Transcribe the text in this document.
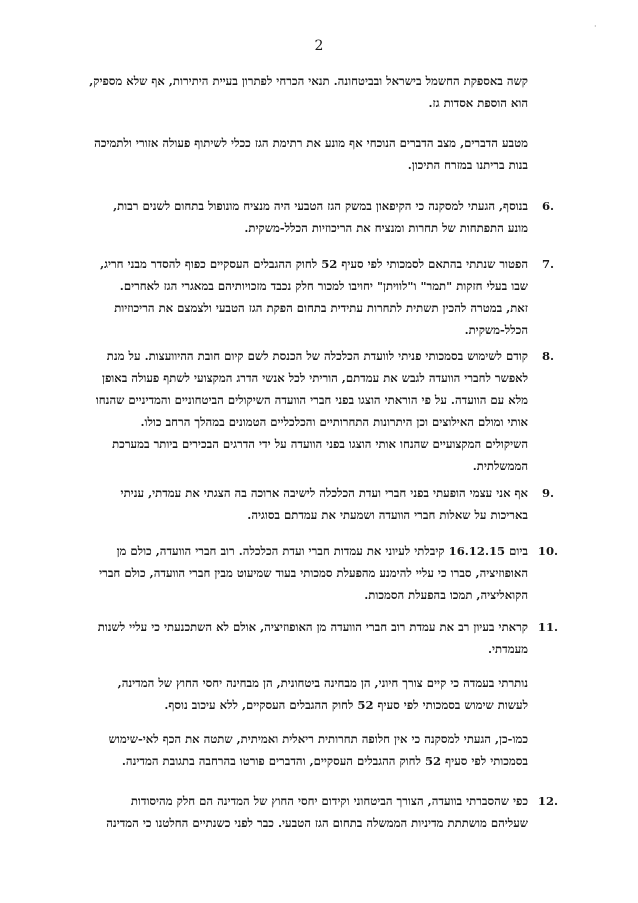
·
2
קשה באספקת החשמל בישראל ובביטחונה. תנאי הכרחי לפתרון בעיית היתירות, אף שלא מספיק,
הוא הוספת אסדות גז.
מטבע הדברים, מצב הדברים הנוכחי אף מונע את רתימת הגז ככלי לשיתוף פעולה אזורי ולתמיכה
בנות בריתנו במזרח התיכון.
6.
בנוסף, הגעתי למסקנה כי הקיפאון במשק הגז הטבעי היה מנציח מונופול בתחום לשנים רבות,
מונע התפתחות של תחרות ומנציח את הריכוזיות הכלל-משקית.
7.
הפטור שנתתי בהתאם לסמכותי לפי סעיף 52 לחוק ההגבלים העסקיים כפוף להסדר מבני חריג,
שבו בעלי חזקות "תמר" ו"לוויתן" יחויבו למכור חלק נכבד מזכויותיהם במאגרי הגז לאחרים.
זאת, במטרה להכין תשתית לתחרות עתידית בתחום הפקת הגז הטבעי ולצמצם את הריכוזיות
הכלל-משקית.
8.
קודם לשימוש בסמכותי פניתי לוועדת הכלכלה של הכנסת לשם קיום חובת ההיוועצות. על מנת
לאפשר לחברי הוועדה לגבש את עמדתם, הוריתי לכל אנשי הדרג המקצועי לשתף פעולה באופן
מלא עם הוועדה. על פי הוראתי הוצגו בפני חברי הוועדה השיקולים הביטחוניים והמדיניים שהנחו
אותי ומולם האילוצים וכן היתרונות התחרותיים והכלכליים הטמונים במהלך הרחב כולו.
השיקולים המקצועיים שהנחו אותי הוצגו בפני הוועדה על ידי הדרגים הבכירים ביותר במערכת
הממשלתית.
9.
אף אני עצמי הופעתי בפני חברי ועדת הכלכלה לישיבה ארוכה בה הצגתי את עמדתי, עניתי
באריכות על שאלות חברי הוועדה ושמעתי את עמדתם בסוגיה.
10.
ביום 16.12.15 קיבלתי לעיוני את עמדות חברי ועדת הכלכלה. רוב חברי הוועדה, כולם מן
האופוזיציה, סברו כי עליי להימנע מהפעלת סמכותי בעוד שמיעוט מבין חברי הוועדה, כולם חברי
הקואליציה, תמכו בהפעלת הסמכות.
11.
קראתי בעיון רב את עמדת רוב חברי הוועדה מן האופוזיציה, אולם לא השתכנעתי כי עליי לשנות
מעמדתי.
נותרתי בעמדה כי קיים צורך חיוני, הן מבחינה ביטחונית, הן מבחינה יחסי החוץ של המדינה,
לעשות שימוש בסמכותי לפי סעיף 52 לחוק ההגבלים העסקיים, ללא עיכוב נוסף.
כמו-כן, הגעתי למסקנה כי אין חלופה תחרותית ריאלית ואמיתית, שתטה את הכף לאי-שימוש
בסמכותי לפי סעיף 52 לחוק ההגבלים העסקיים, והדברים פורטו בהרחבה בתגובת המדינה.
12.
כפי שהסברתי בוועדה, הצורך הביטחוני וקידום יחסי החוץ של המדינה הם חלק מהיסודות
שעליהם מושתתת מדיניות הממשלה בתחום הגז הטבעי. כבר לפני כשנתיים החלטנו כי המדינה
